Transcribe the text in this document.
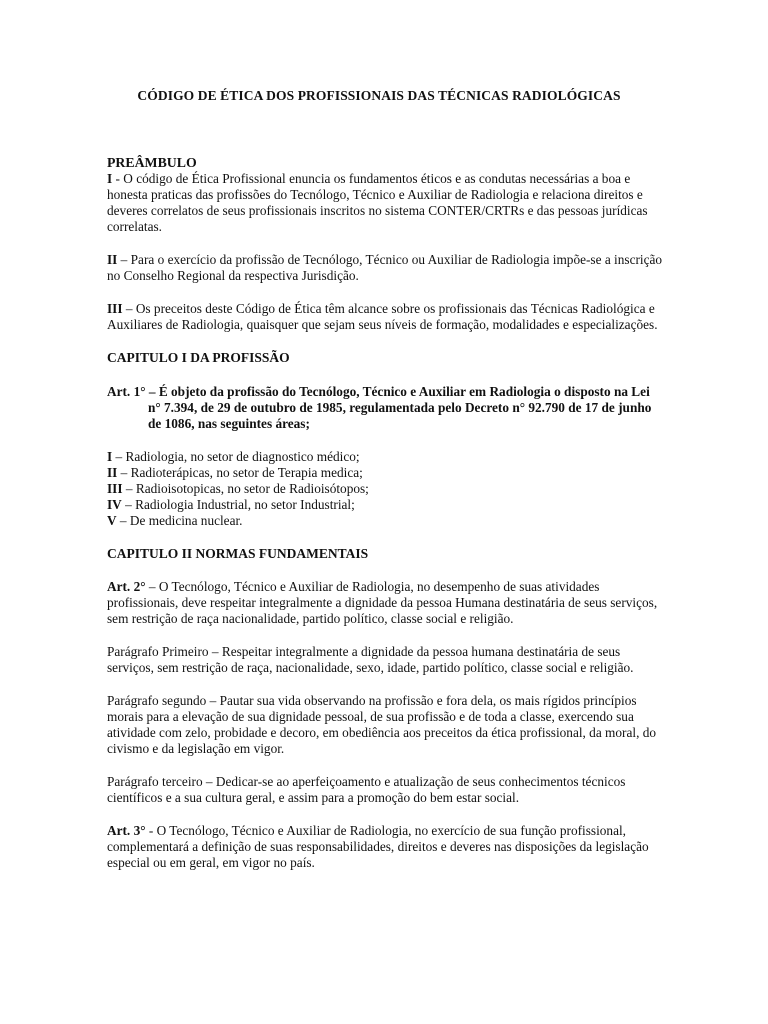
CÓDIGO DE ÉTICA DOS PROFISSIONAIS DAS TÉCNICAS RADIOLÓGICAS

PREÂMBULO

I - O código de Ética Profissional enuncia os fundamentos éticos e as condutas necessárias a boa e honesta praticas das profissões do Tecnólogo, Técnico e Auxiliar de Radiologia e relaciona direitos e deveres correlatos de seus profissionais inscritos no sistema CONTER/CRTRs e das pessoas jurídicas correlatas.

II – Para o exercício da profissão de Tecnólogo, Técnico ou Auxiliar de Radiologia impõe-se a inscrição no Conselho Regional da respectiva Jurisdição.

III – Os preceitos deste Código de Ética têm alcance sobre os profissionais das Técnicas Radiológica e Auxiliares de Radiologia, quaisquer que sejam seus níveis de formação, modalidades e especializações.

CAPITULO I DA PROFISSÃO

Art. 1° – É objeto da profissão do Tecnólogo, Técnico e Auxiliar em Radiologia o disposto na Lei n° 7.394, de 29 de outubro de 1985, regulamentada pelo Decreto n° 92.790 de 17 de junho de 1086, nas seguintes áreas;

I – Radiologia, no setor de diagnostico médico;
II – Radioterápicas, no setor de Terapia medica;
III – Radioisotopicas, no setor de Radioisótopos;
IV – Radiologia Industrial, no setor Industrial;
V – De medicina nuclear.
CAPITULO II NORMAS FUNDAMENTAIS

Art. 2° – O Tecnólogo, Técnico e Auxiliar de Radiologia, no desempenho de suas atividades profissionais, deve respeitar integralmente a dignidade da pessoa Humana destinatária de seus serviços, sem restrição de raça nacionalidade, partido político, classe social e religião.

Parágrafo Primeiro – Respeitar integralmente a dignidade da pessoa humana destinatária de seus serviços, sem restrição de raça, nacionalidade, sexo, idade, partido político, classe social e religião.

Parágrafo segundo – Pautar sua vida observando na profissão e fora dela, os mais rígidos princípios morais para a elevação de sua dignidade pessoal, de sua profissão e de toda a classe, exercendo sua atividade com zelo, probidade e decoro, em obediência aos preceitos da ética profissional, da moral, do civismo e da legislação em vigor.

Parágrafo terceiro – Dedicar-se ao aperfeiçoamento e atualização de seus conhecimentos técnicos científicos e a sua cultura geral, e assim para a promoção do bem estar social.

Art. 3° - O Tecnólogo, Técnico e Auxiliar de Radiologia, no exercício de sua função profissional, complementará a definição de suas responsabilidades, direitos e deveres nas disposições da legislação especial ou em geral, em vigor no país.
